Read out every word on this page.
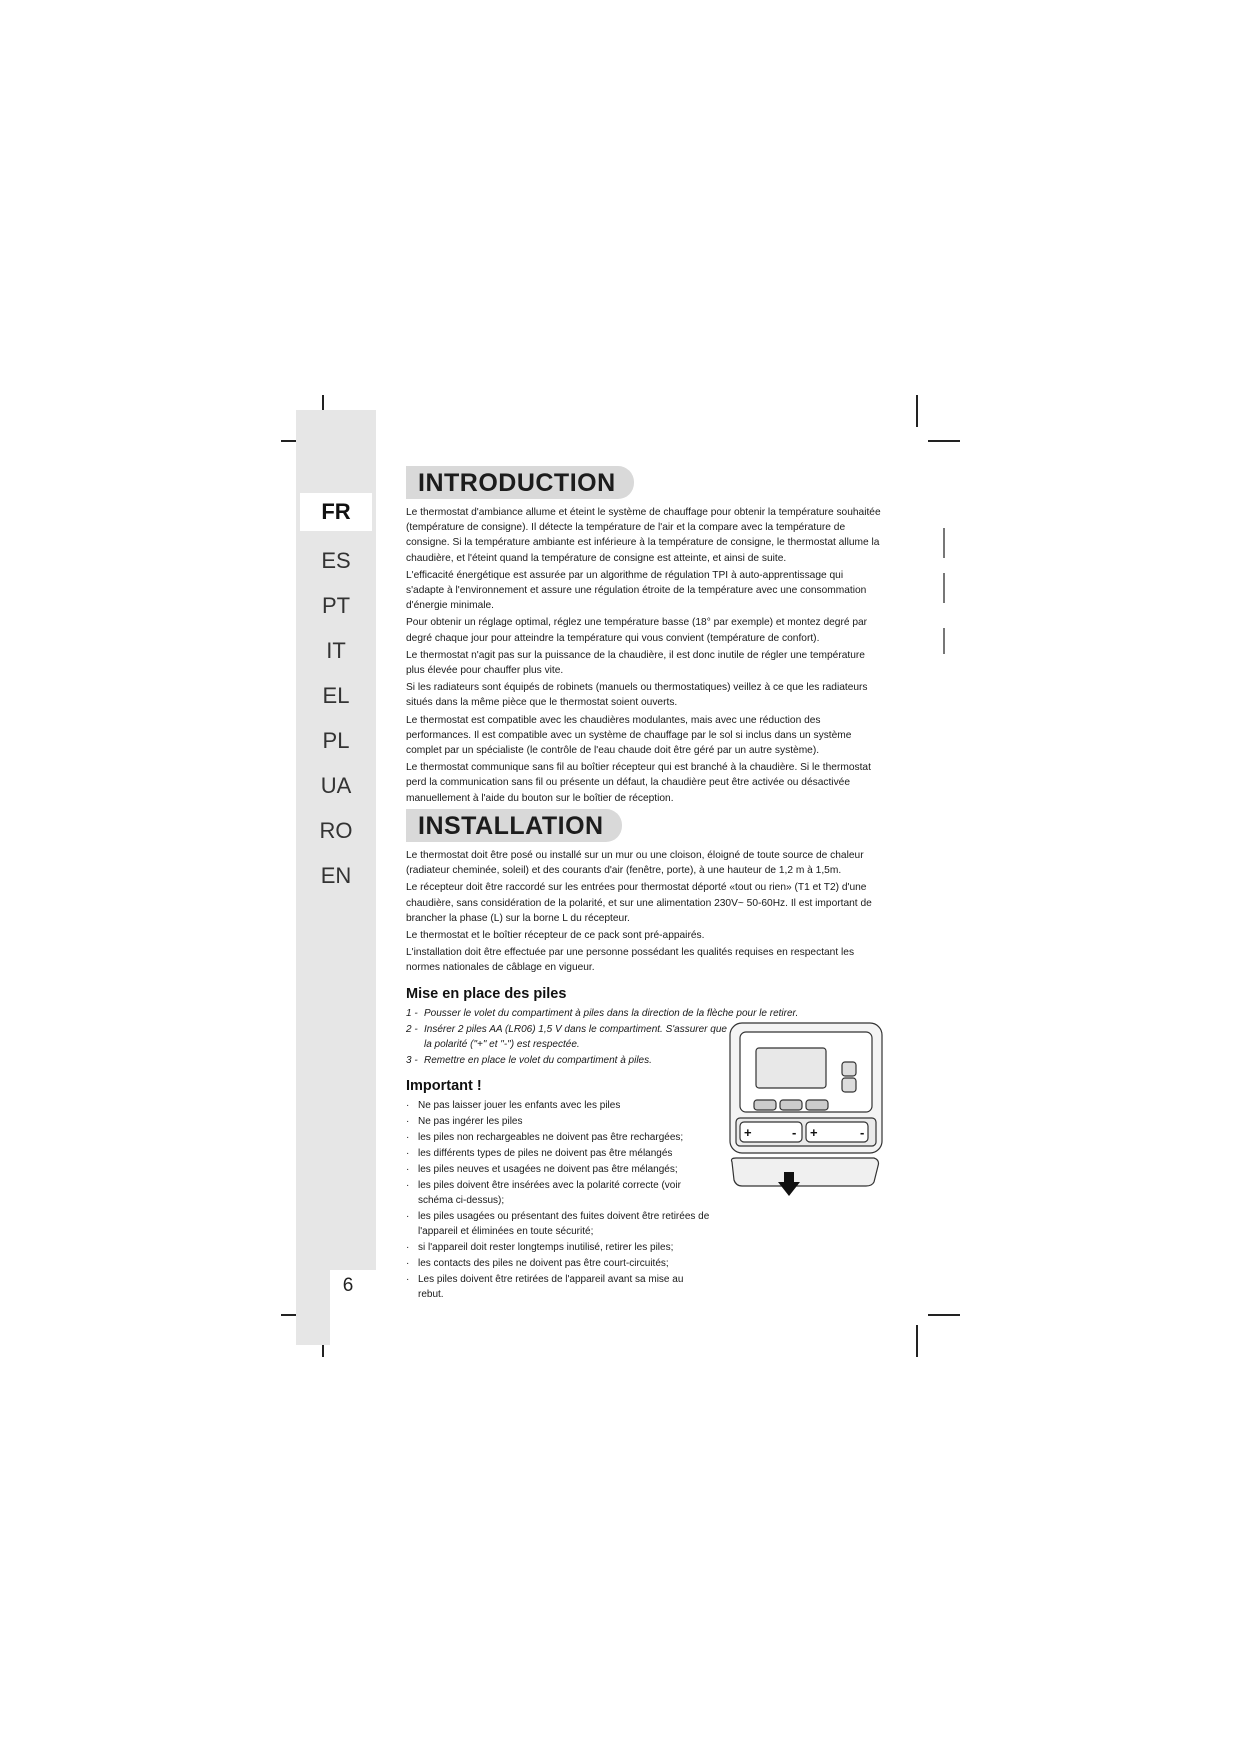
FR
ES
PT
IT
EL
PL
UA
RO
EN
6
INTRODUCTION

Le thermostat d'ambiance allume et éteint le système de chauffage pour obtenir la température souhaitée (température de consigne). Il détecte la température de l'air et la compare avec la température de consigne. Si la température ambiante est inférieure à la température de consigne, le thermostat allume la chaudière, et l'éteint quand la température de consigne est atteinte, et ainsi de suite.

L'efficacité énergétique est assurée par un algorithme de régulation TPI à auto-apprentissage qui s'adapte à l'environnement et assure une régulation étroite de la température avec une consommation d'énergie minimale.

Pour obtenir un réglage optimal, réglez une température basse (18° par exemple) et montez degré par degré chaque jour pour atteindre la température qui vous convient (température de confort).

Le thermostat n'agit pas sur la puissance de la chaudière, il est donc inutile de régler une température plus élevée pour chauffer plus vite.

Si les radiateurs sont équipés de robinets (manuels ou thermostatiques) veillez à ce que les radiateurs situés dans la même pièce que le thermostat soient ouverts.

Le thermostat est compatible avec les chaudières modulantes, mais avec une réduction des performances. Il est compatible avec un système de chauffage par le sol si inclus dans un système complet par un spécialiste (le contrôle de l'eau chaude doit être géré par un autre système).

Le thermostat communique sans fil au boîtier récepteur qui est branché à la chaudière. Si le thermostat perd la communication sans fil ou présente un défaut, la chaudière peut être activée ou désactivée manuellement à l'aide du bouton sur le boîtier de réception.

INSTALLATION

Le thermostat doit être posé ou installé sur un mur ou une cloison, éloigné de toute source de chaleur (radiateur cheminée, soleil) et des courants d'air (fenêtre, porte), à une hauteur de 1,2 m à 1,5m.

Le récepteur doit être raccordé sur les entrées pour thermostat déporté «tout ou rien» (T1 et T2) d'une chaudière, sans considération de la polarité, et sur une alimentation 230V~ 50-60Hz. Il est important de brancher la phase (L) sur la borne L du récepteur.

Le thermostat et le boîtier récepteur de ce pack sont pré-appairés.

L'installation doit être effectuée par une personne possédant les qualités requises en respectant les normes nationales de câblage en vigueur.

Mise en place des piles
1 - Pousser le volet du compartiment à piles dans la direction de la flèche pour le retirer.
2 - Insérer 2 piles AA (LR06) 1,5 V dans le compartiment. S'assurer que la polarité ("+" et "-") est respectée.
3 - Remettre en place le volet du compartiment à piles.
Important !
· Ne pas laisser jouer les enfants avec les piles
· Ne pas ingérer les piles
· les piles non rechargeables ne doivent pas être rechargées;
· les différents types de piles ne doivent pas être mélangés
· les piles neuves et usagées ne doivent pas être mélangés;
· les piles doivent être insérées avec la polarité correcte (voir schéma ci-dessus);
· les piles usagées ou présentant des fuites doivent être retirées de l'appareil et éliminées en toute sécurité;
· si l'appareil doit rester longtemps inutilisé, retirer les piles;
· les contacts des piles ne doivent pas être court-circuités;
· Les piles doivent être retirées de l'appareil avant sa mise au rebut.
+	- +	-
